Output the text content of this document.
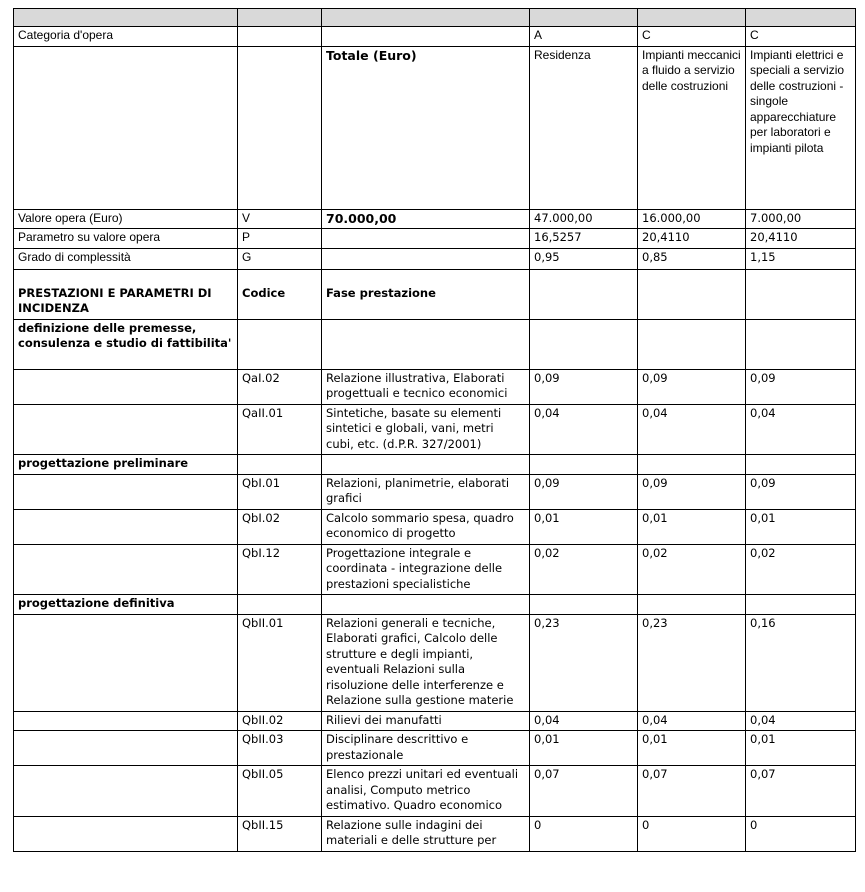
Categoria d'opera			A	C	C
		Totale (Euro)	Residenza	Impianti meccanici a fluido a servizio delle costruzioni	Impianti elettrici e speciali a servizio delle costruzioni - singole apparecchiature per laboratori e impianti pilota
Valore opera (Euro)	V	70.000,00	47.000,00	16.000,00	7.000,00
Parametro su valore opera	P		16,5257	20,4110	20,4110
Grado di complessità	G		0,95	0,85	1,15
PRESTAZIONI E PARAMETRI DI INCIDENZA	Codice	Fase prestazione			
definizione delle premesse, consulenza e studio di fattibilita'					
	QaI.02	Relazione illustrativa, Elaborati progettuali e tecnico economici	0,09	0,09	0,09
	QaII.01	Sintetiche, basate su elementi sintetici e globali, vani, metri cubi, etc. (d.P.R. 327/2001)	0,04	0,04	0,04
progettazione preliminare					
	QbI.01	Relazioni, planimetrie, elaborati grafici	0,09	0,09	0,09
	QbI.02	Calcolo sommario spesa, quadro economico di progetto	0,01	0,01	0,01
	QbI.12	Progettazione integrale e coordinata - integrazione delle prestazioni specialistiche	0,02	0,02	0,02
progettazione definitiva					
	QbII.01	Relazioni generali e tecniche, Elaborati grafici, Calcolo delle strutture e degli impianti, eventuali Relazioni sulla risoluzione delle interferenze e Relazione sulla gestione materie	0,23	0,23	0,16
	QbII.02	Rilievi dei manufatti	0,04	0,04	0,04
	QbII.03	Disciplinare descrittivo e prestazionale	0,01	0,01	0,01
	QbII.05	Elenco prezzi unitari ed eventuali analisi, Computo metrico estimativo. Quadro economico	0,07	0,07	0,07
	QbII.15	Relazione sulle indagini dei materiali e delle strutture per	0	0	0
